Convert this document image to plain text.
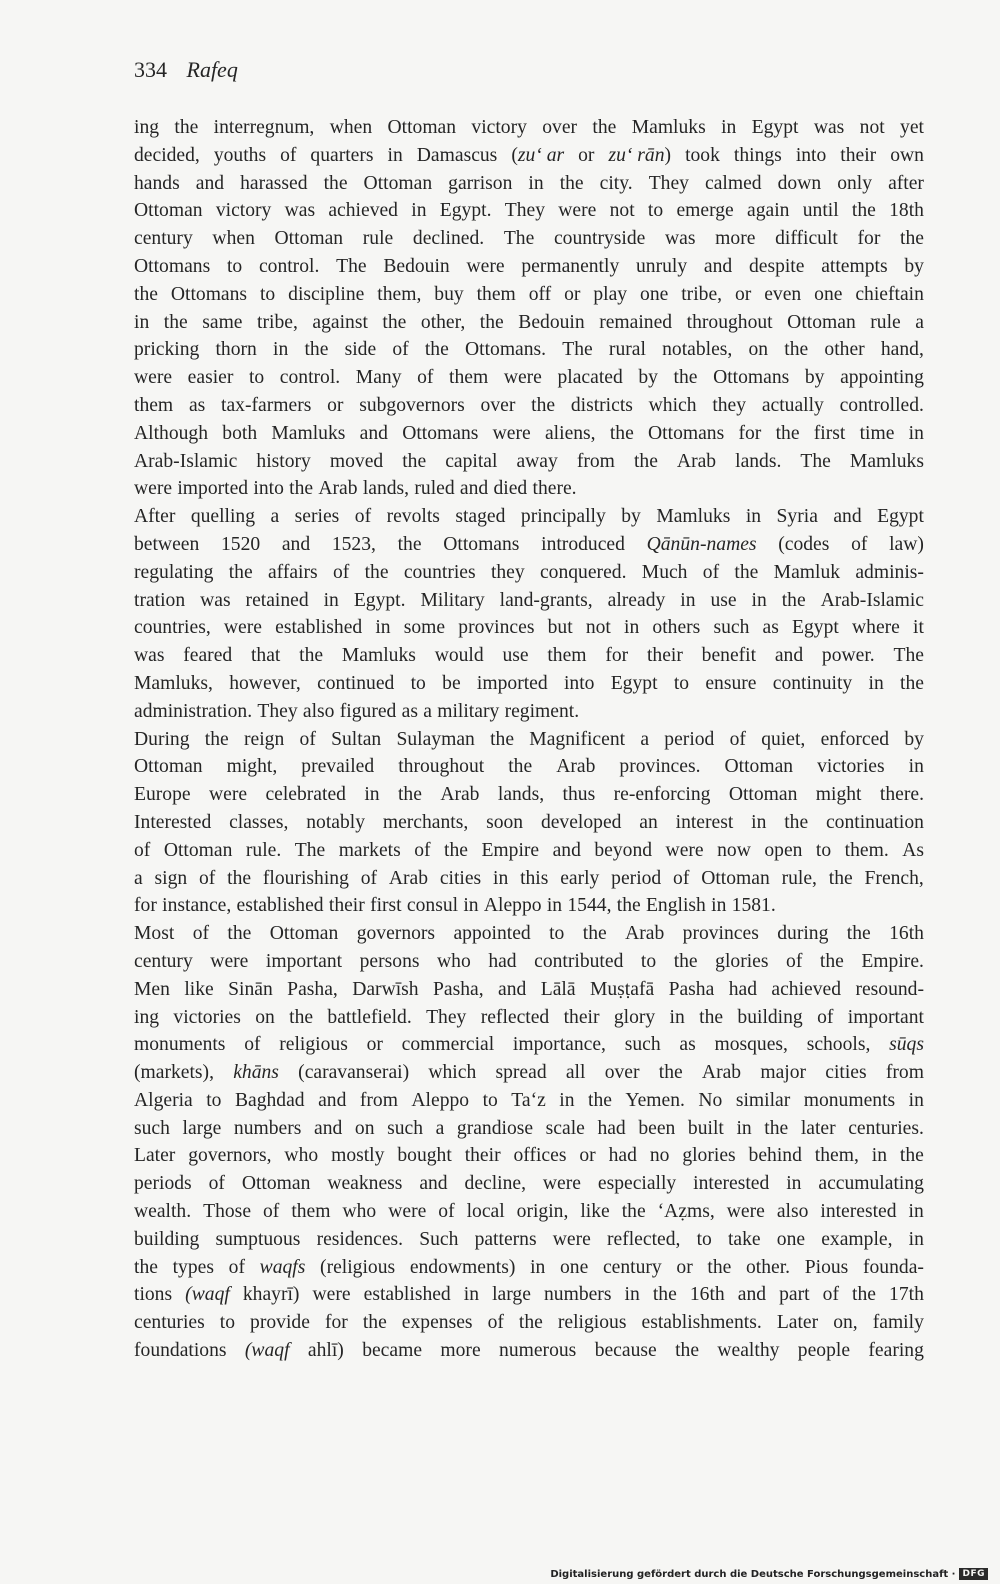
334 Rafeq
ing the interregnum, when Ottoman victory over the Mamluks in Egypt was not yet
decided, youths of quarters in Damascus (zu‘ ar or zu‘ rān) took things into their own
hands and harassed the Ottoman garrison in the city. They calmed down only after
Ottoman victory was achieved in Egypt. They were not to emerge again until the 18th
century when Ottoman rule declined. The countryside was more difficult for the
Ottomans to control. The Bedouin were permanently unruly and despite attempts by
the Ottomans to discipline them, buy them off or play one tribe, or even one chieftain
in the same tribe, against the other, the Bedouin remained throughout Ottoman rule a
pricking thorn in the side of the Ottomans. The rural notables, on the other hand,
were easier to control. Many of them were placated by the Ottomans by appointing
them as tax-farmers or subgovernors over the districts which they actually controlled.
Although both Mamluks and Ottomans were aliens, the Ottomans for the first time in
Arab-Islamic history moved the capital away from the Arab lands. The Mamluks
were imported into the Arab lands, ruled and died there.
After quelling a series of revolts staged principally by Mamluks in Syria and Egypt
between 1520 and 1523, the Ottomans introduced Qānūn-names (codes of law)
regulating the affairs of the countries they conquered. Much of the Mamluk adminis-
tration was retained in Egypt. Military land-grants, already in use in the Arab-Islamic
countries, were established in some provinces but not in others such as Egypt where it
was feared that the Mamluks would use them for their benefit and power. The
Mamluks, however, continued to be imported into Egypt to ensure continuity in the
administration. They also figured as a military regiment.
During the reign of Sultan Sulayman the Magnificent a period of quiet, enforced by
Ottoman might, prevailed throughout the Arab provinces. Ottoman victories in
Europe were celebrated in the Arab lands, thus re-enforcing Ottoman might there.
Interested classes, notably merchants, soon developed an interest in the continuation
of Ottoman rule. The markets of the Empire and beyond were now open to them. As
a sign of the flourishing of Arab cities in this early period of Ottoman rule, the French,
for instance, established their first consul in Aleppo in 1544, the English in 1581.
Most of the Ottoman governors appointed to the Arab provinces during the 16th
century were important persons who had contributed to the glories of the Empire.
Men like Sinān Pasha, Darwīsh Pasha, and Lālā Muṣṭafā Pasha had achieved resound-
ing victories on the battlefield. They reflected their glory in the building of important
monuments of religious or commercial importance, such as mosques, schools, sūqs
(markets), khāns (caravanserai) which spread all over the Arab major cities from
Algeria to Baghdad and from Aleppo to Ta‘z in the Yemen. No similar monuments in
such large numbers and on such a grandiose scale had been built in the later centuries.
Later governors, who mostly bought their offices or had no glories behind them, in the
periods of Ottoman weakness and decline, were especially interested in accumulating
wealth. Those of them who were of local origin, like the ‘Aẓms, were also interested in
building sumptuous residences. Such patterns were reflected, to take one example, in
the types of waqfs (religious endowments) in one century or the other. Pious founda-
tions (waqf khayrī) were established in large numbers in the 16th and part of the 17th
centuries to provide for the expenses of the religious establishments. Later on, family
foundations (waqf ahlī) became more numerous because the wealthy people fearing
Digitalisierung gefördert durch die Deutsche Forschungsgemeinschaft · DFG
